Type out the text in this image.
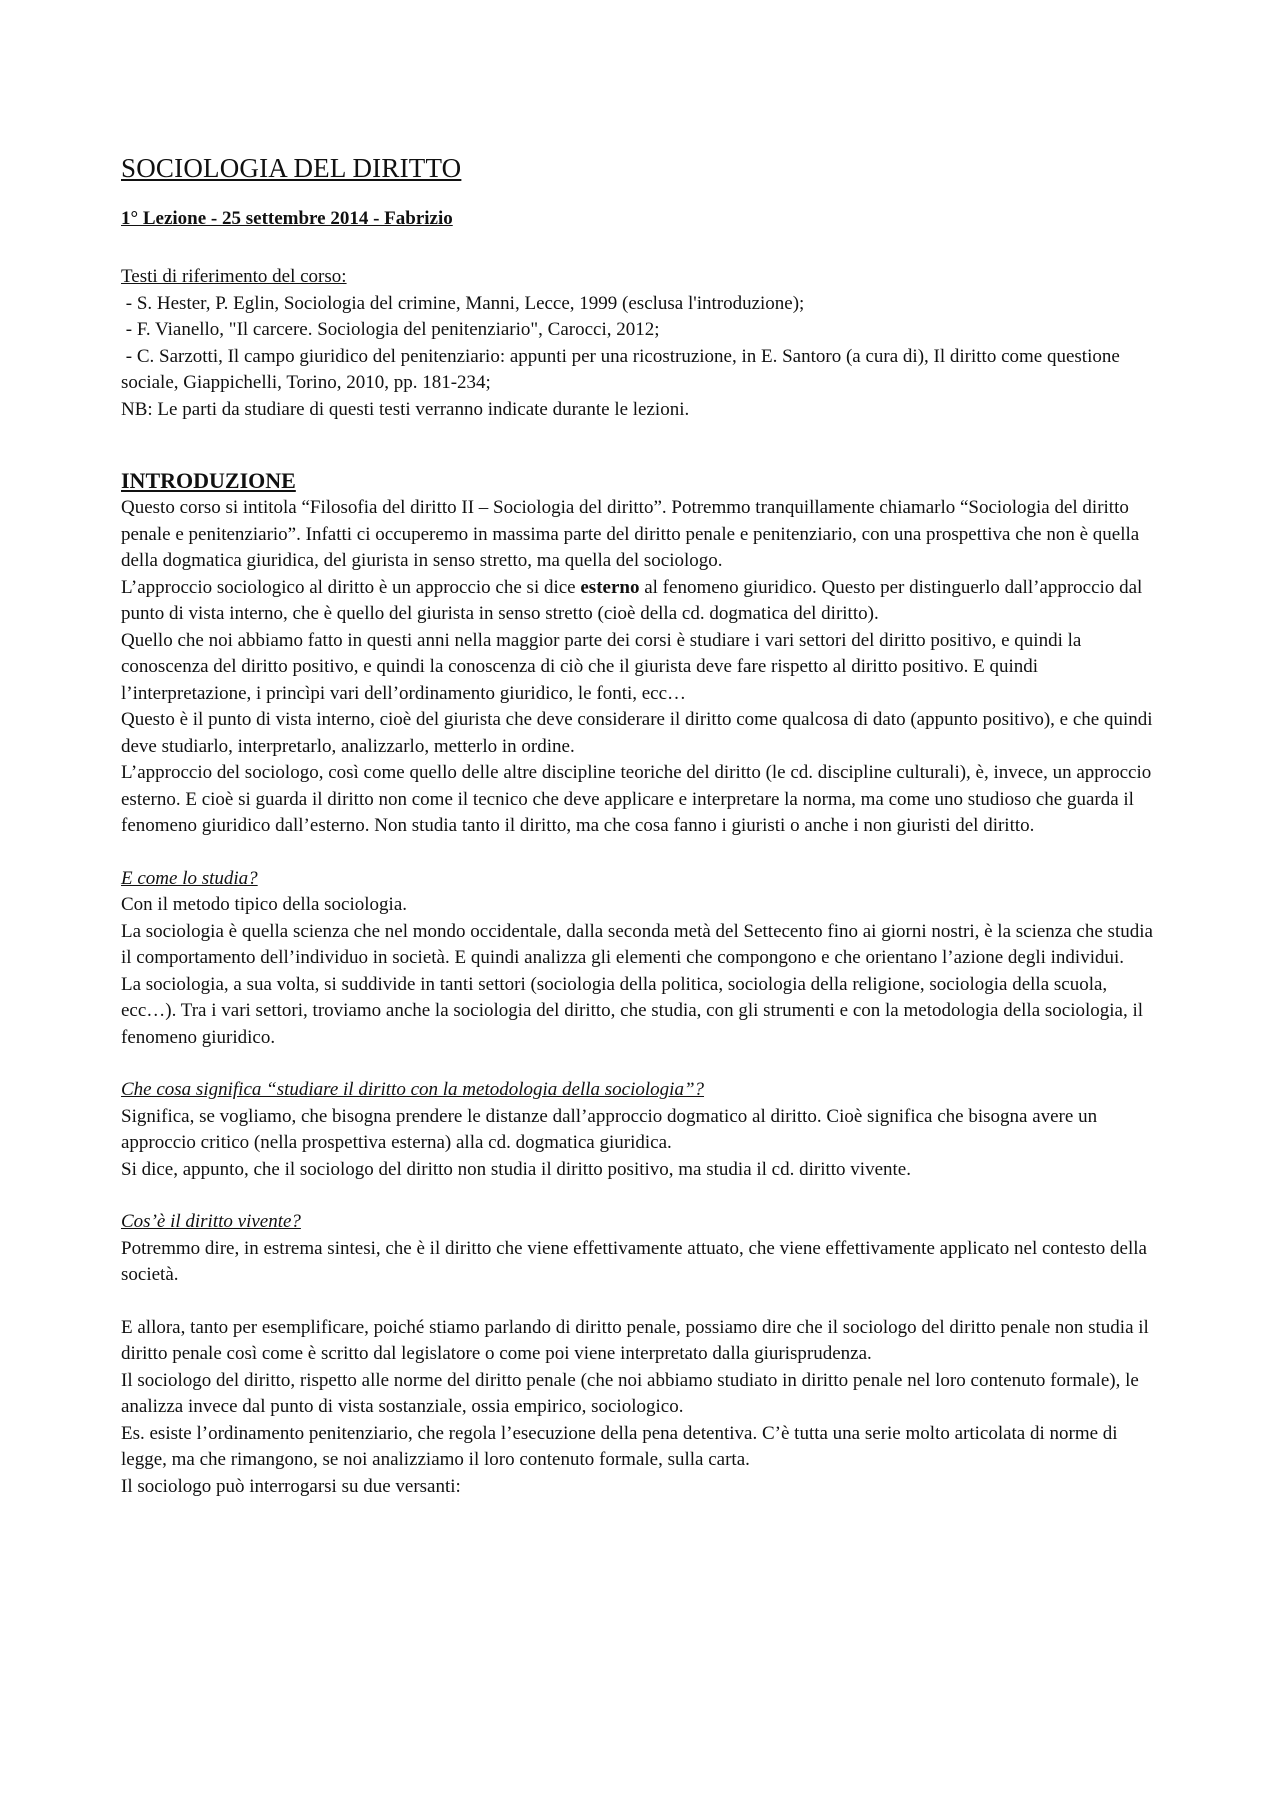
SOCIOLOGIA DEL DIRITTO
1° Lezione - 25 settembre 2014 - Fabrizio
Testi di riferimento del corso:
- S. Hester, P. Eglin, Sociologia del crimine, Manni, Lecce, 1999 (esclusa l'introduzione);
- F. Vianello, "Il carcere. Sociologia del penitenziario", Carocci, 2012;
- C. Sarzotti, Il campo giuridico del penitenziario: appunti per una ricostruzione, in E. Santoro (a cura di), Il diritto come questione sociale, Giappichelli, Torino, 2010, pp. 181-234;
NB: Le parti da studiare di questi testi verranno indicate durante le lezioni.
INTRODUZIONE

Questo corso si intitola “Filosofia del diritto II – Sociologia del diritto”. Potremmo tranquillamente chiamarlo “Sociologia del diritto penale e penitenziario”. Infatti ci occuperemo in massima parte del diritto penale e penitenziario, con una prospettiva che non è quella della dogmatica giuridica, del giurista in senso stretto, ma quella del sociologo.

L’approccio sociologico al diritto è un approccio che si dice esterno al fenomeno giuridico. Questo per distinguerlo dall’approccio dal punto di vista interno, che è quello del giurista in senso stretto (cioè della cd. dogmatica del diritto).

Quello che noi abbiamo fatto in questi anni nella maggior parte dei corsi è studiare i vari settori del diritto positivo, e quindi la conoscenza del diritto positivo, e quindi la conoscenza di ciò che il giurista deve fare rispetto al diritto positivo. E quindi l’interpretazione, i princìpi vari dell’ordinamento giuridico, le fonti, ecc…

Questo è il punto di vista interno, cioè del giurista che deve considerare il diritto come qualcosa di dato (appunto positivo), e che quindi deve studiarlo, interpretarlo, analizzarlo, metterlo in ordine.

L’approccio del sociologo, così come quello delle altre discipline teoriche del diritto (le cd. discipline culturali), è, invece, un approccio esterno. E cioè si guarda il diritto non come il tecnico che deve applicare e interpretare la norma, ma come uno studioso che guarda il fenomeno giuridico dall’esterno. Non studia tanto il diritto, ma che cosa fanno i giuristi o anche i non giuristi del diritto.

E come lo studia?

Con il metodo tipico della sociologia.

La sociologia è quella scienza che nel mondo occidentale, dalla seconda metà del Settecento fino ai giorni nostri, è la scienza che studia il comportamento dell’individuo in società. E quindi analizza gli elementi che compongono e che orientano l’azione degli individui.

La sociologia, a sua volta, si suddivide in tanti settori (sociologia della politica, sociologia della religione, sociologia della scuola, ecc…). Tra i vari settori, troviamo anche la sociologia del diritto, che studia, con gli strumenti e con la metodologia della sociologia, il fenomeno giuridico.

Che cosa significa “studiare il diritto con la metodologia della sociologia”?

Significa, se vogliamo, che bisogna prendere le distanze dall’approccio dogmatico al diritto. Cioè significa che bisogna avere un approccio critico (nella prospettiva esterna) alla cd. dogmatica giuridica.

Si dice, appunto, che il sociologo del diritto non studia il diritto positivo, ma studia il cd. diritto vivente.

Cos’è il diritto vivente?

Potremmo dire, in estrema sintesi, che è il diritto che viene effettivamente attuato, che viene effettivamente applicato nel contesto della società.

E allora, tanto per esemplificare, poiché stiamo parlando di diritto penale, possiamo dire che il sociologo del diritto penale non studia il diritto penale così come è scritto dal legislatore o come poi viene interpretato dalla giurisprudenza.

Il sociologo del diritto, rispetto alle norme del diritto penale (che noi abbiamo studiato in diritto penale nel loro contenuto formale), le analizza invece dal punto di vista sostanziale, ossia empirico, sociologico.

Es. esiste l’ordinamento penitenziario, che regola l’esecuzione della pena detentiva. C’è tutta una serie molto articolata di norme di legge, ma che rimangono, se noi analizziamo il loro contenuto formale, sulla carta.

Il sociologo può interrogarsi su due versanti:
